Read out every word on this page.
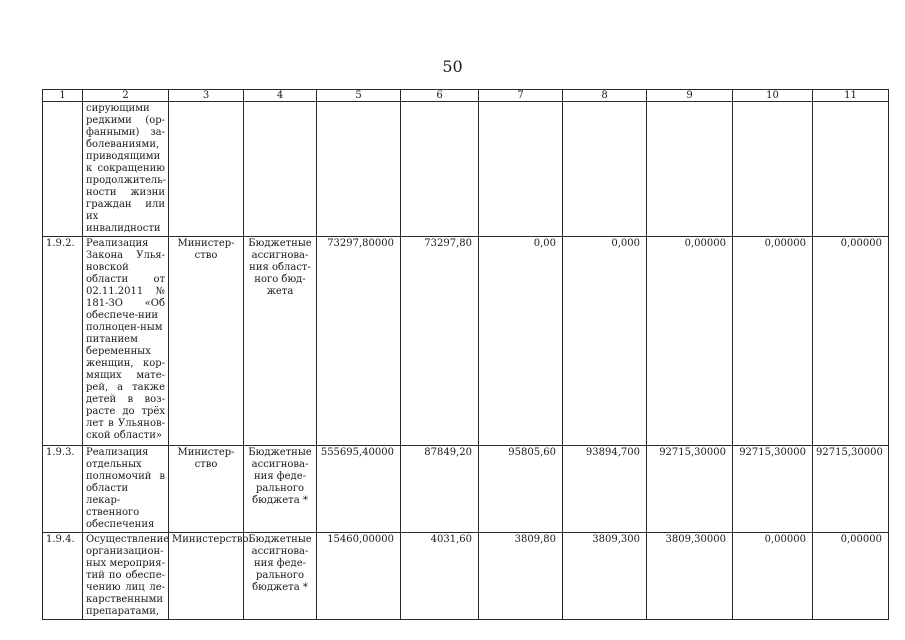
50
1	2	3	4	5	6	7	8	9	10	11
	сирующими редкими (ор-фанными) за-болеваниями, приводящими к сокращению продолжитель-ности жизни граждан или их инвалидности									
1.9.2.	Реализация Закона Улья-новской области от 02.11.2011 № 181-ЗО «Об обеспече-нии полноцен-ным питанием беременных женщин, кор-мящих мате-рей, а также детей в воз-расте до трёх лет в Ульянов-ской области»	Министер-ство	Бюджетные ассигнова-ния област-ного бюд-жета	73297,80000	73297,80	0,00	0,000	0,00000	0,00000	0,00000
1.9.3.	Реализация отдельных полномочий в области лекар-ственного обеспечения	Министер-ство	Бюджетные ассигнова-ния феде-рального бюджета *	555695,40000	87849,20	95805,60	93894,700	92715,30000	92715,30000	92715,30000
1.9.4.	Осуществление организацион-ных мероприя-тий по обеспе-чению лиц ле-карственными препаратами,	Министерство	Бюджетные ассигнова-ния феде-рального бюджета *	15460,00000	4031,60	3809,80	3809,300	3809,30000	0,00000	0,00000
